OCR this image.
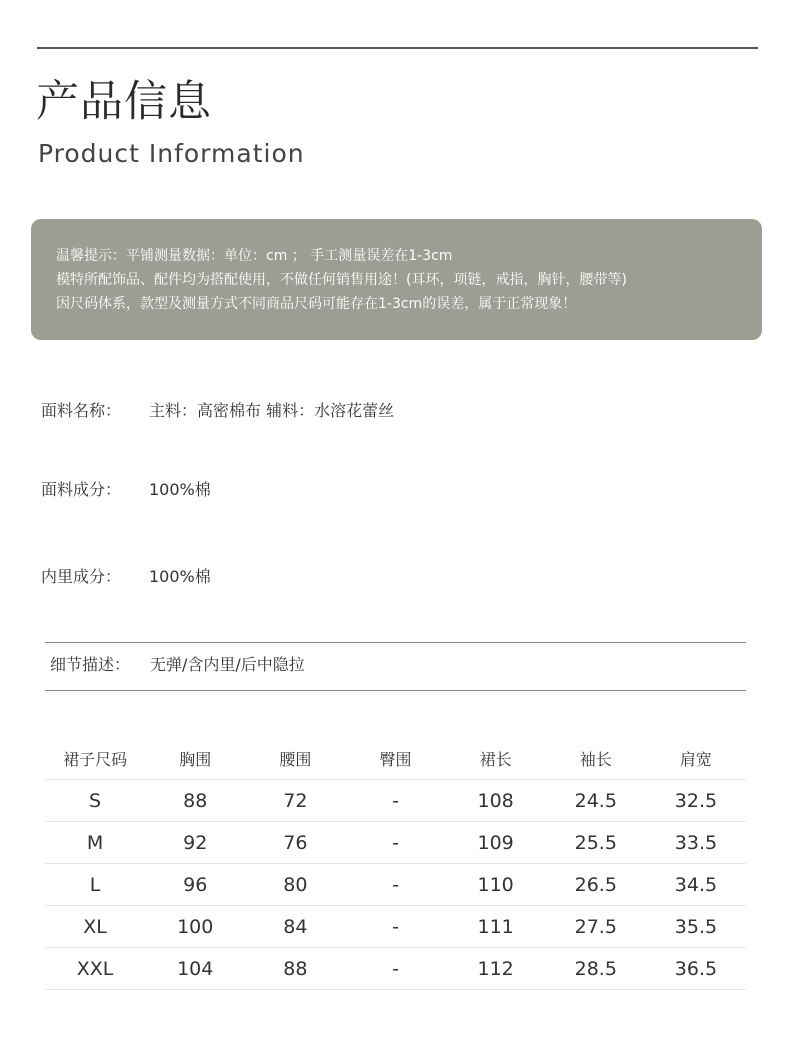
产品信息
Product Information
温馨提示：平铺测量数据：单位：cm ； 手工测量误差在1-3cm
模特所配饰品、配件均为搭配使用，不做任何销售用途！(耳环，项链，戒指，胸针，腰带等)
因尺码体系，款型及测量方式不同商品尺码可能存在1-3cm的误差，属于正常现象！
面料名称： 主料：高密棉布 辅料：水溶花蕾丝
面料成分： 100%棉
内里成分： 100%棉
细节描述： 无弹/含内里/后中隐拉
裙子尺码	胸围	腰围	臀围	裙长	袖长	肩宽
S	88	72	-	108	24.5	32.5
M	92	76	-	109	25.5	33.5
L	96	80	-	110	26.5	34.5
XL	100	84	-	111	27.5	35.5
XXL	104	88	-	112	28.5	36.5
